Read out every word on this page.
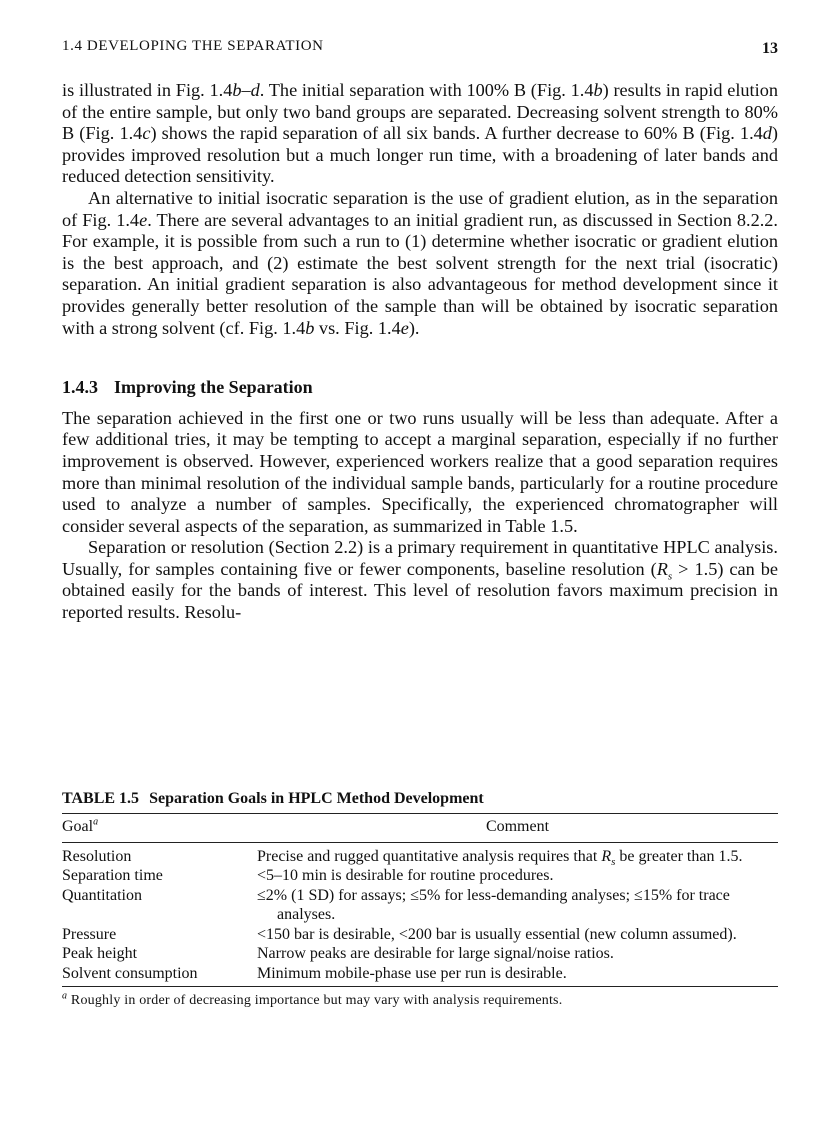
1.4 DEVELOPING THE SEPARATION	13

is illustrated in Fig. 1.4b–d. The initial separation with 100% B (Fig. 1.4b) results in rapid elution of the entire sample, but only two band groups are separated. Decreasing solvent strength to 80% B (Fig. 1.4c) shows the rapid separation of all six bands. A further decrease to 60% B (Fig. 1.4d) provides improved resolution but a much longer run time, with a broadening of later bands and reduced detection sensitivity.

An alternative to initial isocratic separation is the use of gradient elution, as in the separation of Fig. 1.4e. There are several advantages to an initial gradient run, as discussed in Section 8.2.2. For example, it is possible from such a run to (1) determine whether isocratic or gradient elution is the best approach, and (2) estimate the best solvent strength for the next trial (isocratic) separation. An initial gradient separation is also advantageous for method development since it provides generally better resolution of the sample than will be obtained by isocratic separation with a strong solvent (cf. Fig. 1.4b vs. Fig. 1.4e).

1.4.3 Improving the Separation

The separation achieved in the first one or two runs usually will be less than adequate. After a few additional tries, it may be tempting to accept a marginal separation, especially if no further improvement is observed. However, experienced workers realize that a good separation requires more than minimal resolution of the individual sample bands, particularly for a routine procedure used to analyze a number of samples. Specifically, the experienced chromatographer will consider several aspects of the separation, as summarized in Table 1.5.

Separation or resolution (Section 2.2) is a primary requirement in quantitative HPLC analysis. Usually, for samples containing five or fewer components, baseline resolution $(R_s > 1.5)$ can be obtained easily for the bands of interest. This level of resolution favors maximum precision in reported results. Resolu-

TABLE 1.5 Separation Goals in HPLC Method Development
Goal$^a$	Comment
Resolution	Precise and rugged quantitative analysis requires that $R_s$ be greater than 1.5.

Separation time	<5–10 min is desirable for routine procedures.

Quantitation	≤2% (1 SD) for assays; ≤5% for less-demanding analyses; ≤15% for trace analyses.

Pressure	<150 bar is desirable, <200 bar is usually essential (new column assumed).

Peak height	Narrow peaks are desirable for large signal/noise ratios.

Solvent consumption	Minimum mobile-phase use per run is desirable.
$^a$ Roughly in order of decreasing importance but may vary with analysis requirements.
